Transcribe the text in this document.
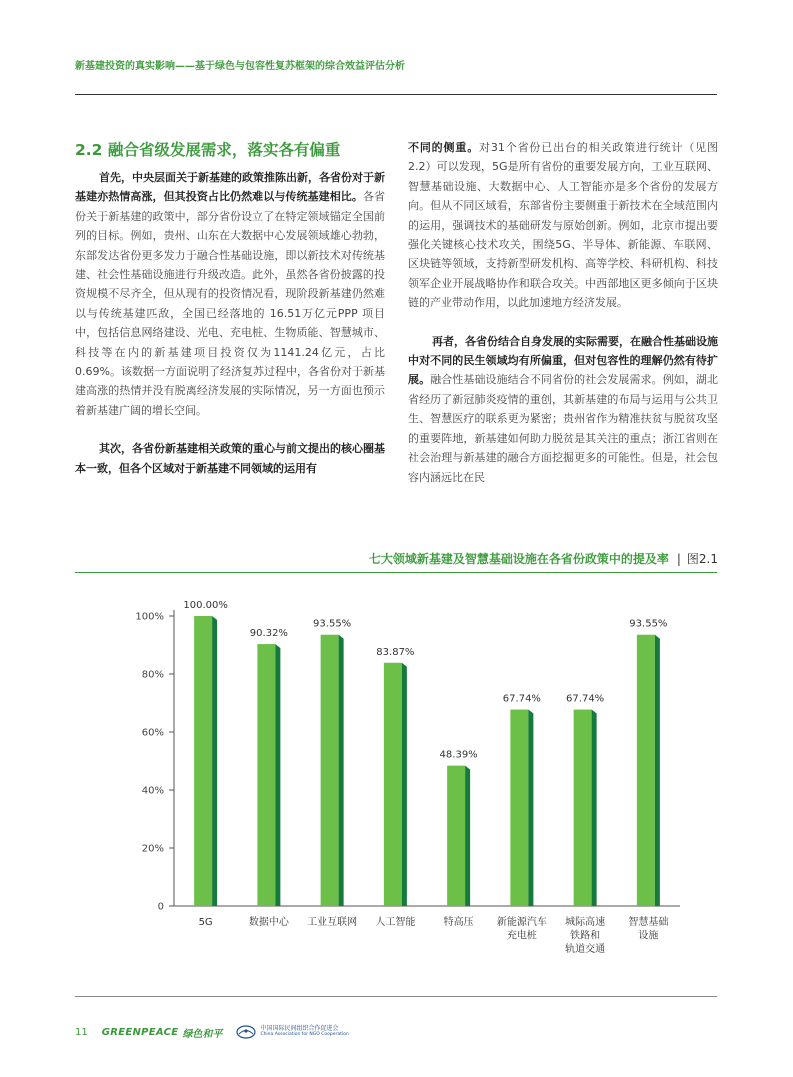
新基建投资的真实影响——基于绿色与包容性复苏框架的综合效益评估分析
2.2 融合省级发展需求，落实各有偏重

首先，中央层面关于新基建的政策推陈出新，各省份对于新基建亦热情高涨，但其投资占比仍然难以与传统基建相比。各省份关于新基建的政策中，部分省份设立了在特定领域锚定全国前列的目标。例如，贵州、山东在大数据中心发展领域雄心勃勃，东部发达省份更多发力于融合性基础设施，即以新技术对传统基建、社会性基础设施进行升级改造。此外，虽然各省份披露的投资规模不尽齐全，但从现有的投资情况看，现阶段新基建仍然难以与传统基建匹敌，全国已经落地的 16.51万亿元PPP 项目中，包括信息网络建设、光电、充电桩、生物质能、智慧城市、科技等在内的新基建项目投资仅为1141.24亿元，占比0.69%。该数据一方面说明了经济复苏过程中，各省份对于新基建高涨的热情并没有脱离经济发展的实际情况，另一方面也预示着新基建广阔的增长空间。

其次，各省份新基建相关政策的重心与前文提出的核心圈基本一致，但各个区域对于新基建不同领域的运用有

不同的侧重。对31个省份已出台的相关政策进行统计（见图2.2）可以发现，5G是所有省份的重要发展方向，工业互联网、智慧基础设施、大数据中心、人工智能亦是多个省份的发展方向。但从不同区域看，东部省份主要侧重于新技术在全域范围内的运用，强调技术的基础研发与原始创新。例如，北京市提出要强化关键核心技术攻关，围绕5G、半导体、新能源、车联网、区块链等领域，支持新型研发机构、高等学校、科研机构、科技领军企业开展战略协作和联合攻关。中西部地区更多倾向于区块链的产业带动作用，以此加速地方经济发展。

再者，各省份结合自身发展的实际需要，在融合性基础设施中对不同的民生领域均有所偏重，但对包容性的理解仍然有待扩展。融合性基础设施结合不同省份的社会发展需求。例如，湖北省经历了新冠肺炎疫情的重创，其新基建的布局与运用与公共卫生、智慧医疗的联系更为紧密；贵州省作为精准扶贫与脱贫攻坚的重要阵地，新基建如何助力脱贫是其关注的重点；浙江省则在社会治理与新基建的融合方面挖掘更多的可能性。但是，社会包容内涵远比在民

七大领域新基建及智慧基础设施在各省份政策中的提及率 | 图2.1
0
20%
40%
60%
80%
100%
100.00%
5G
90.32%
数据中心
93.55%
工业互联网
83.87%
人工智能
48.39%
特高压
67.74%
新能源汽车
充电桩
67.74%
城际高速
铁路和
轨道交通
93.55%
智慧基础
设施
11 GREENPEACE 绿色和平	中国国际民间组织合作促进会
China Association for NGO Cooperation
